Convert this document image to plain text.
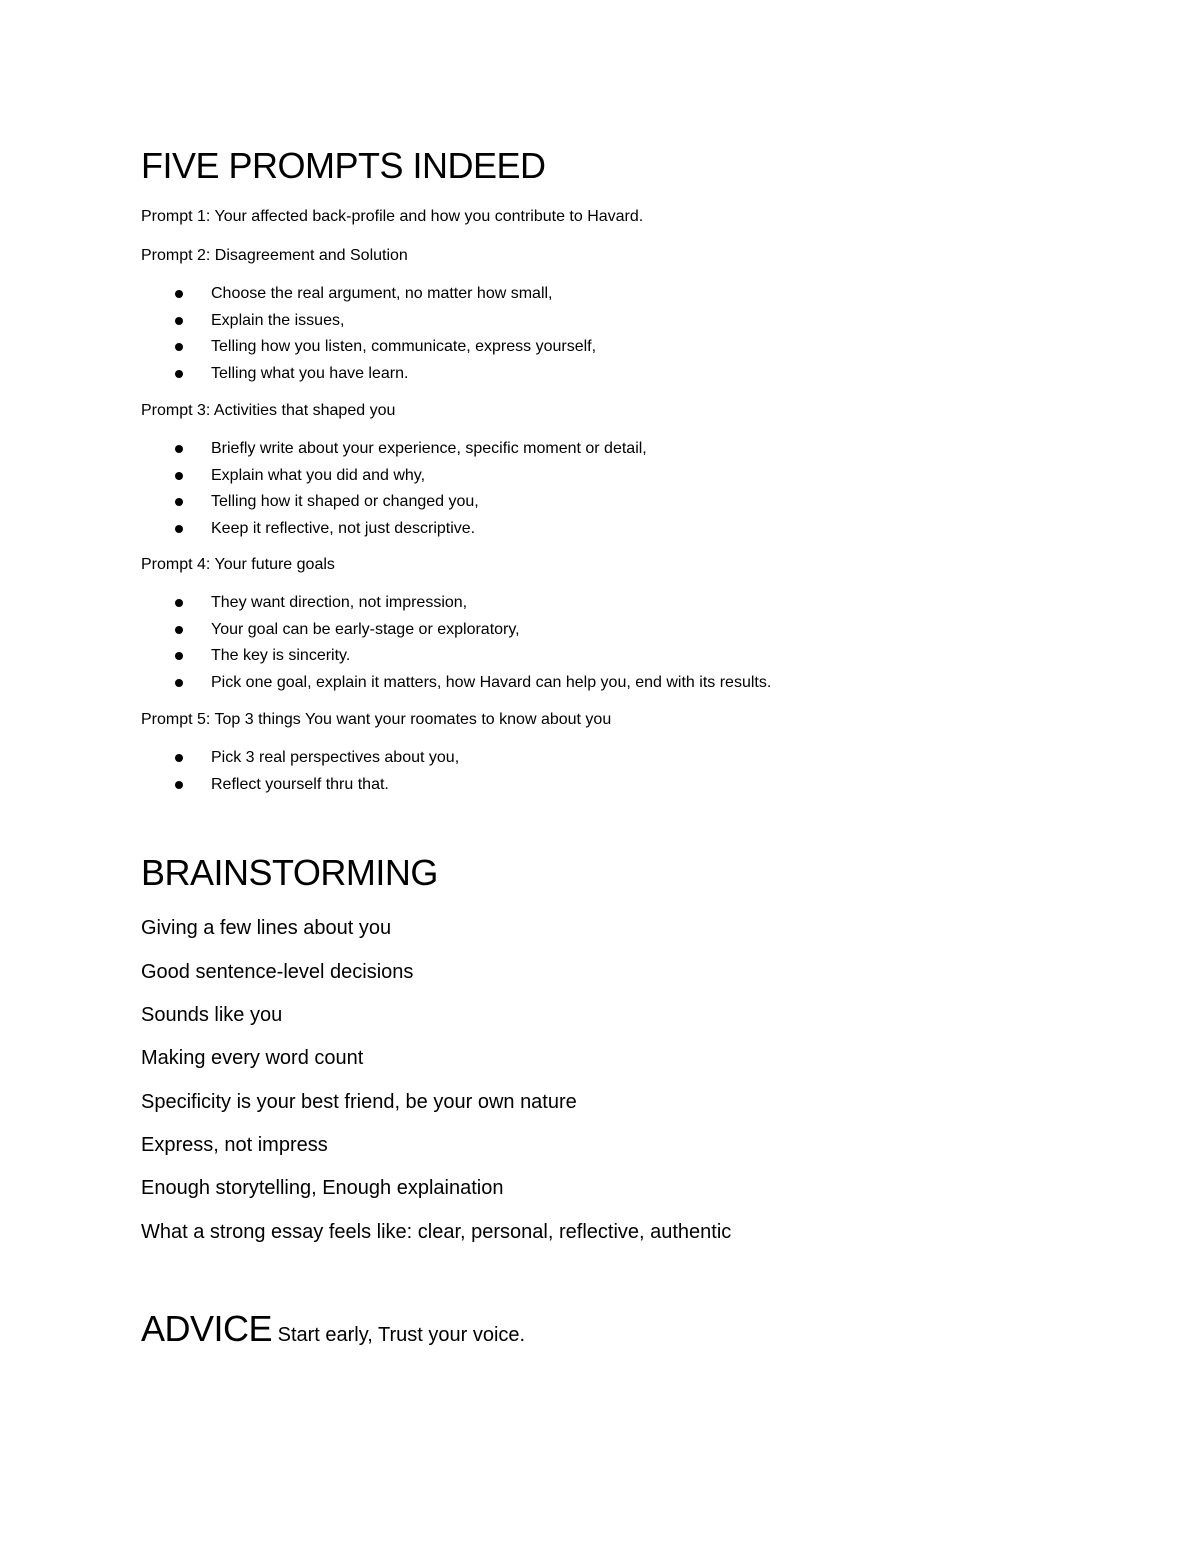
FIVE PROMPTS INDEED
Prompt 1: Your affected back-profile and how you contribute to Havard.
Prompt 2: Disagreement and Solution
Choose the real argument, no matter how small,
Explain the issues,
Telling how you listen, communicate, express yourself,
Telling what you have learn.
Prompt 3: Activities that shaped you
Briefly write about your experience, specific moment or detail,
Explain what you did and why,
Telling how it shaped or changed you,
Keep it reflective, not just descriptive.
Prompt 4: Your future goals
They want direction, not impression,
Your goal can be early-stage or exploratory,
The key is sincerity.
Pick one goal, explain it matters, how Havard can help you, end with its results.
Prompt 5: Top 3 things You want your roomates to know about you
Pick 3 real perspectives about you,
Reflect yourself thru that.
BRAINSTORMING
Giving a few lines about you
Good sentence-level decisions
Sounds like you
Making every word count
Specificity is your best friend, be your own nature
Express, not impress
Enough storytelling, Enough explaination
What a strong essay feels like: clear, personal, reflective, authentic
ADVICE Start early, Trust your voice.
